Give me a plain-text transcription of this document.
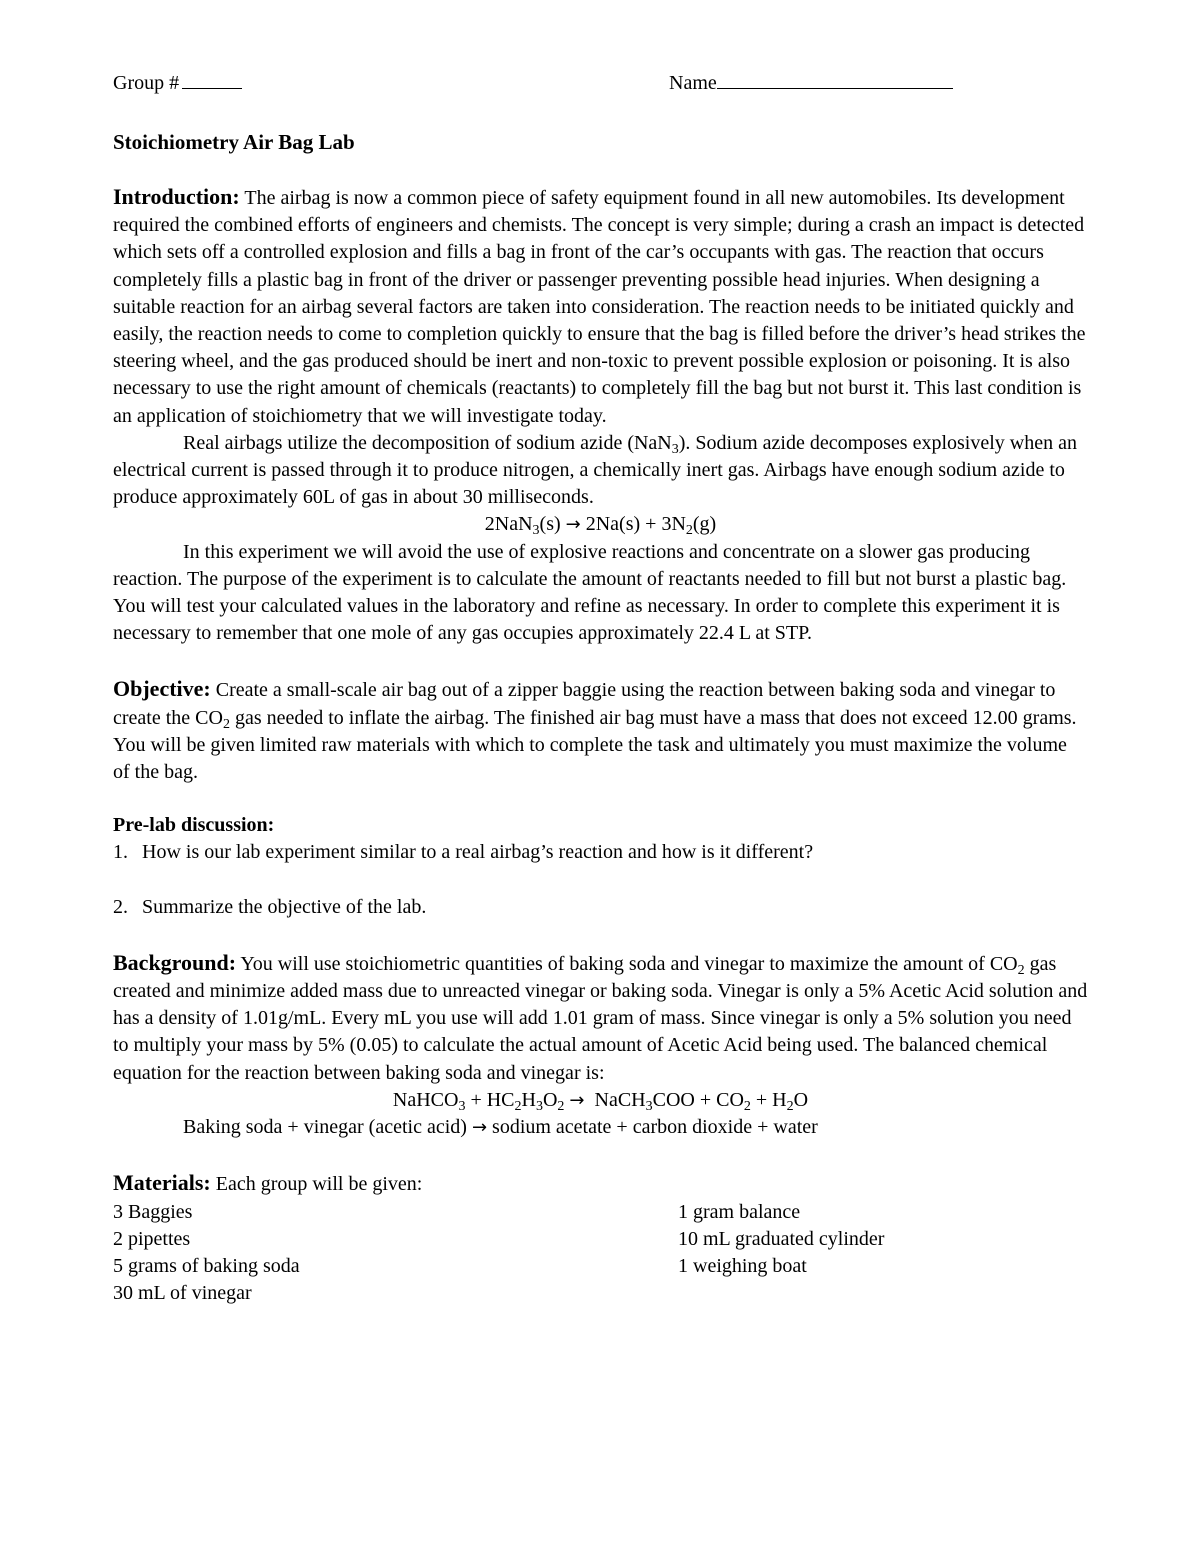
Group #	Name
Stoichiometry Air Bag Lab

Introduction: The airbag is now a common piece of safety equipment found in all new automobiles. Its development required the combined efforts of engineers and chemists. The concept is very simple; during a crash an impact is detected which sets off a controlled explosion and fills a bag in front of the car’s occupants with gas. The reaction that occurs completely fills a plastic bag in front of the driver or passenger preventing possible head injuries. When designing a suitable reaction for an airbag several factors are taken into consideration. The reaction needs to be initiated quickly and easily, the reaction needs to come to completion quickly to ensure that the bag is filled before the driver’s head strikes the steering wheel, and the gas produced should be inert and non-toxic to prevent possible explosion or poisoning. It is also necessary to use the right amount of chemicals (reactants) to completely fill the bag but not burst it. This last condition is an application of stoichiometry that we will investigate today.

Real airbags utilize the decomposition of sodium azide (NaN$_3$). Sodium azide decomposes explosively when an electrical current is passed through it to produce nitrogen, a chemically inert gas. Airbags have enough sodium azide to produce approximately 60L of gas in about 30 milliseconds.

$2NaN_3(s) \to 2Na(s) + 3N_2(g)$

In this experiment we will avoid the use of explosive reactions and concentrate on a slower gas producing reaction. The purpose of the experiment is to calculate the amount of reactants needed to fill but not burst a plastic bag. You will test your calculated values in the laboratory and refine as necessary. In order to complete this experiment it is necessary to remember that one mole of any gas occupies approximately 22.4 L at STP.

Objective: Create a small-scale air bag out of a zipper baggie using the reaction between baking soda and vinegar to create the $CO_2$ gas needed to inflate the airbag. The finished air bag must have a mass that does not exceed 12.00 grams. You will be given limited raw materials with which to complete the task and ultimately you must maximize the volume of the bag.

Pre-lab discussion:

1. How is our lab experiment similar to a real airbag’s reaction and how is it different?

2. Summarize the objective of the lab.

Background: You will use stoichiometric quantities of baking soda and vinegar to maximize the amount of $CO_2$ gas created and minimize added mass due to unreacted vinegar or baking soda. Vinegar is only a 5% Acetic Acid solution and has a density of 1.01g/mL. Every mL you use will add 1.01 gram of mass. Since vinegar is only a 5% solution you need to multiply your mass by 5% (0.05) to calculate the actual amount of Acetic Acid being used. The balanced chemical equation for the reaction between baking soda and vinegar is:

NaHCO$_3$ + $HC_2H_3O_2$ → NaCH$_3$COO + $CO_2 + H_2O$

Baking soda + vinegar (acetic acid) → sodium acetate + carbon dioxide + water

Materials: Each group will be given:

3 Baggies
2 pipettes
5 grams of baking soda
30 mL of vinegar
1 gram balance
10 mL graduated cylinder
1 weighing boat
